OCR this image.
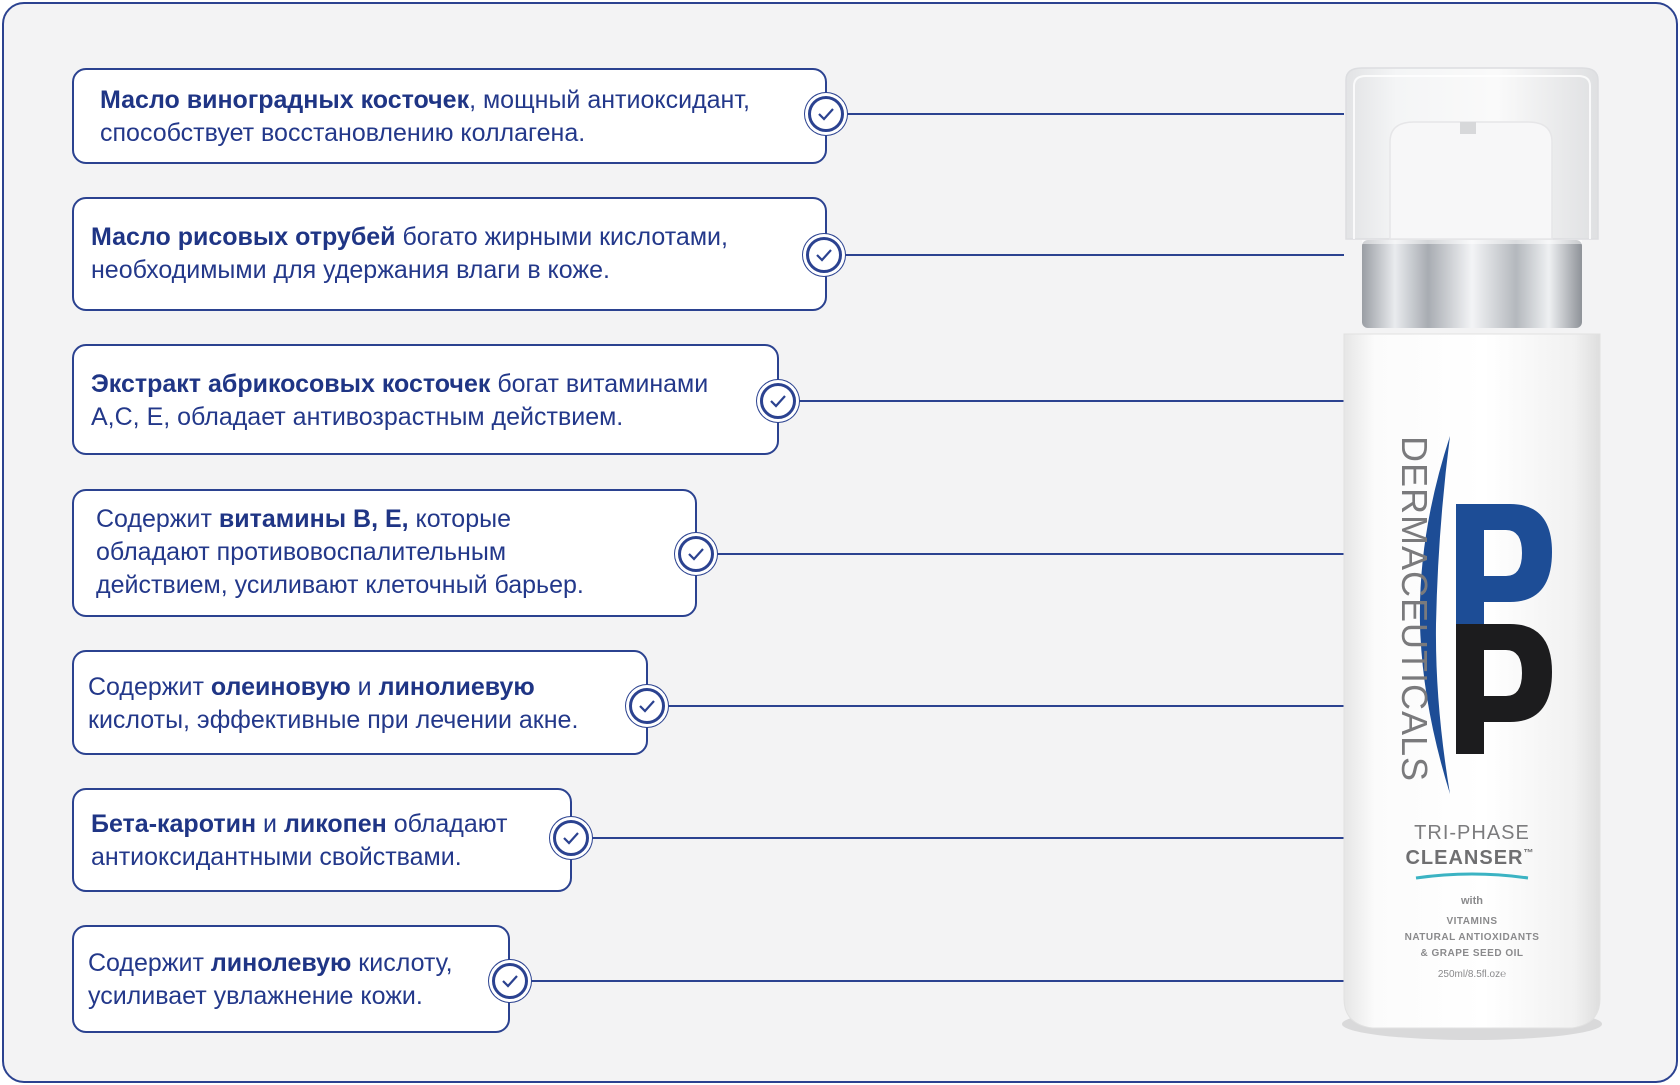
Масло виноградных косточек, мощный антиоксидант,
способствует восстановлению коллагена.
Масло рисовых отрубей богато жирными кислотами,
необходимыми для удержания влаги в коже.
Экстракт абрикосовых косточек богат витаминами
А,С, Е, обладает антивозрастным действием.
Содержит витамины В, Е, которые
обладают противовоспалительным
действием, усиливают клеточный барьер.
Содержит олеиновую и линолиевую
кислоты, эффективные при лечении акне.
Бета-каротин и ликопен обладают
антиоксидантными свойствами.
Содержит линолевую кислоту,
усиливает увлажнение кожи.
DERMACEUTICALS
TRI-PHASE
CLEANSER™
with
VITAMINS
NATURAL ANTIOXIDANTS
& GRAPE SEED OIL
250ml/8.5fl.oz℮
